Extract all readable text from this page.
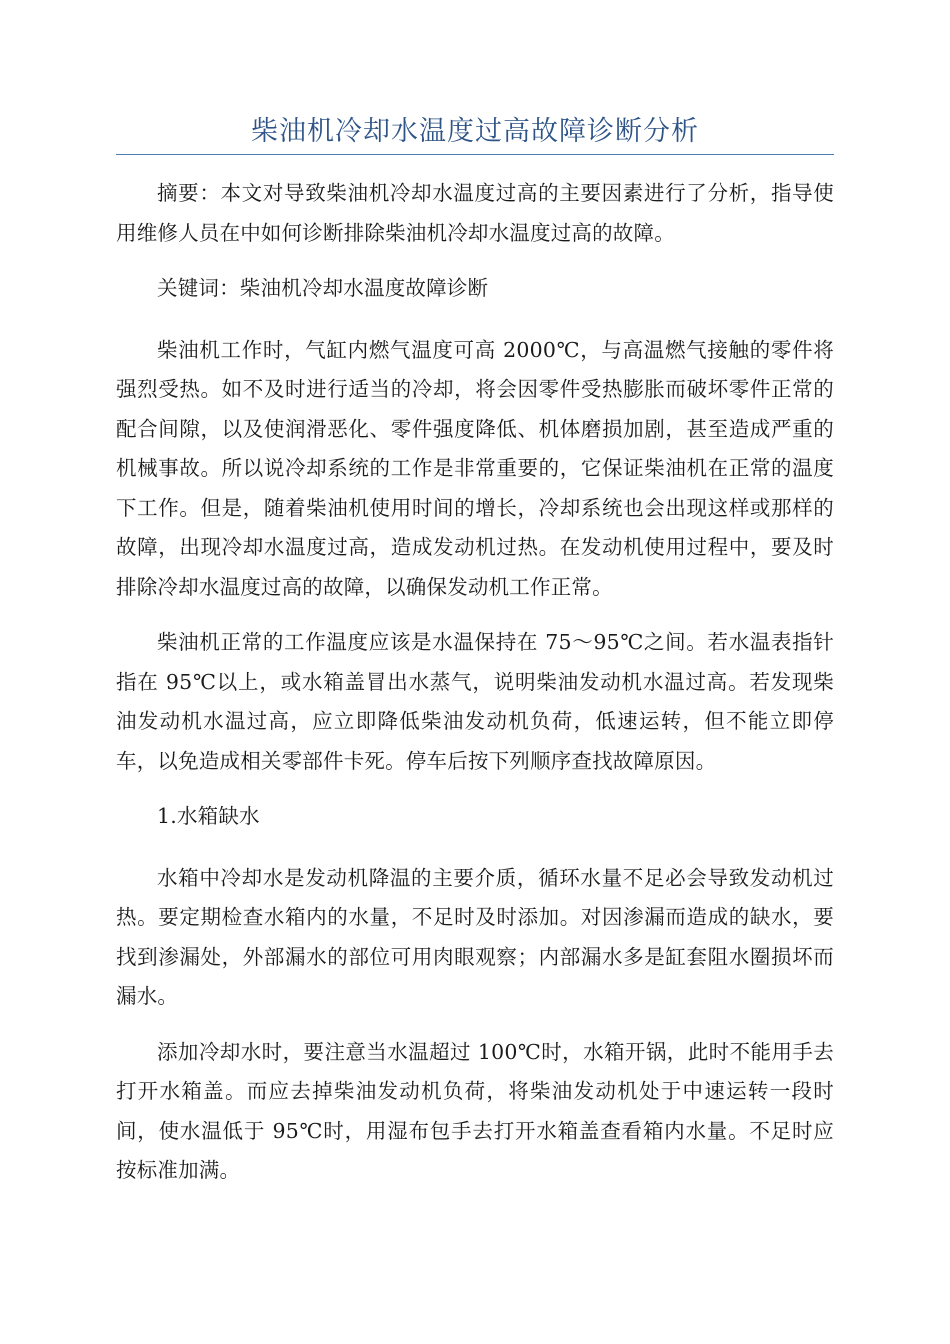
柴油机冷却水温度过高故障诊断分析

摘要：本文对导致柴油机冷却水温度过高的主要因素进行了分析，指导使用维修人员在中如何诊断排除柴油机冷却水温度过高的故障。

关键词：柴油机冷却水温度故障诊断

柴油机工作时，气缸内燃气温度可高 2000℃，与高温燃气接触的零件将强烈受热。如不及时进行适当的冷却，将会因零件受热膨胀而破坏零件正常的配合间隙，以及使润滑恶化、零件强度降低、机体磨损加剧，甚至造成严重的机械事故。所以说冷却系统的工作是非常重要的，它保证柴油机在正常的温度下工作。但是，随着柴油机使用时间的增长，冷却系统也会出现这样或那样的故障，出现冷却水温度过高，造成发动机过热。在发动机使用过程中，要及时排除冷却水温度过高的故障，以确保发动机工作正常。

柴油机正常的工作温度应该是水温保持在 75～95℃之间。若水温表指针指在 95℃以上，或水箱盖冒出水蒸气，说明柴油发动机水温过高。若发现柴油发动机水温过高，应立即降低柴油发动机负荷，低速运转，但不能立即停车，以免造成相关零部件卡死。停车后按下列顺序查找故障原因。

1.水箱缺水

水箱中冷却水是发动机降温的主要介质，循环水量不足必会导致发动机过热。要定期检查水箱内的水量，不足时及时添加。对因渗漏而造成的缺水，要找到渗漏处，外部漏水的部位可用肉眼观察；内部漏水多是缸套阻水圈损坏而漏水。

添加冷却水时，要注意当水温超过 100℃时，水箱开锅，此时不能用手去打开水箱盖。而应去掉柴油发动机负荷，将柴油发动机处于中速运转一段时间，使水温低于 95℃时，用湿布包手去打开水箱盖查看箱内水量。不足时应按标准加满。
